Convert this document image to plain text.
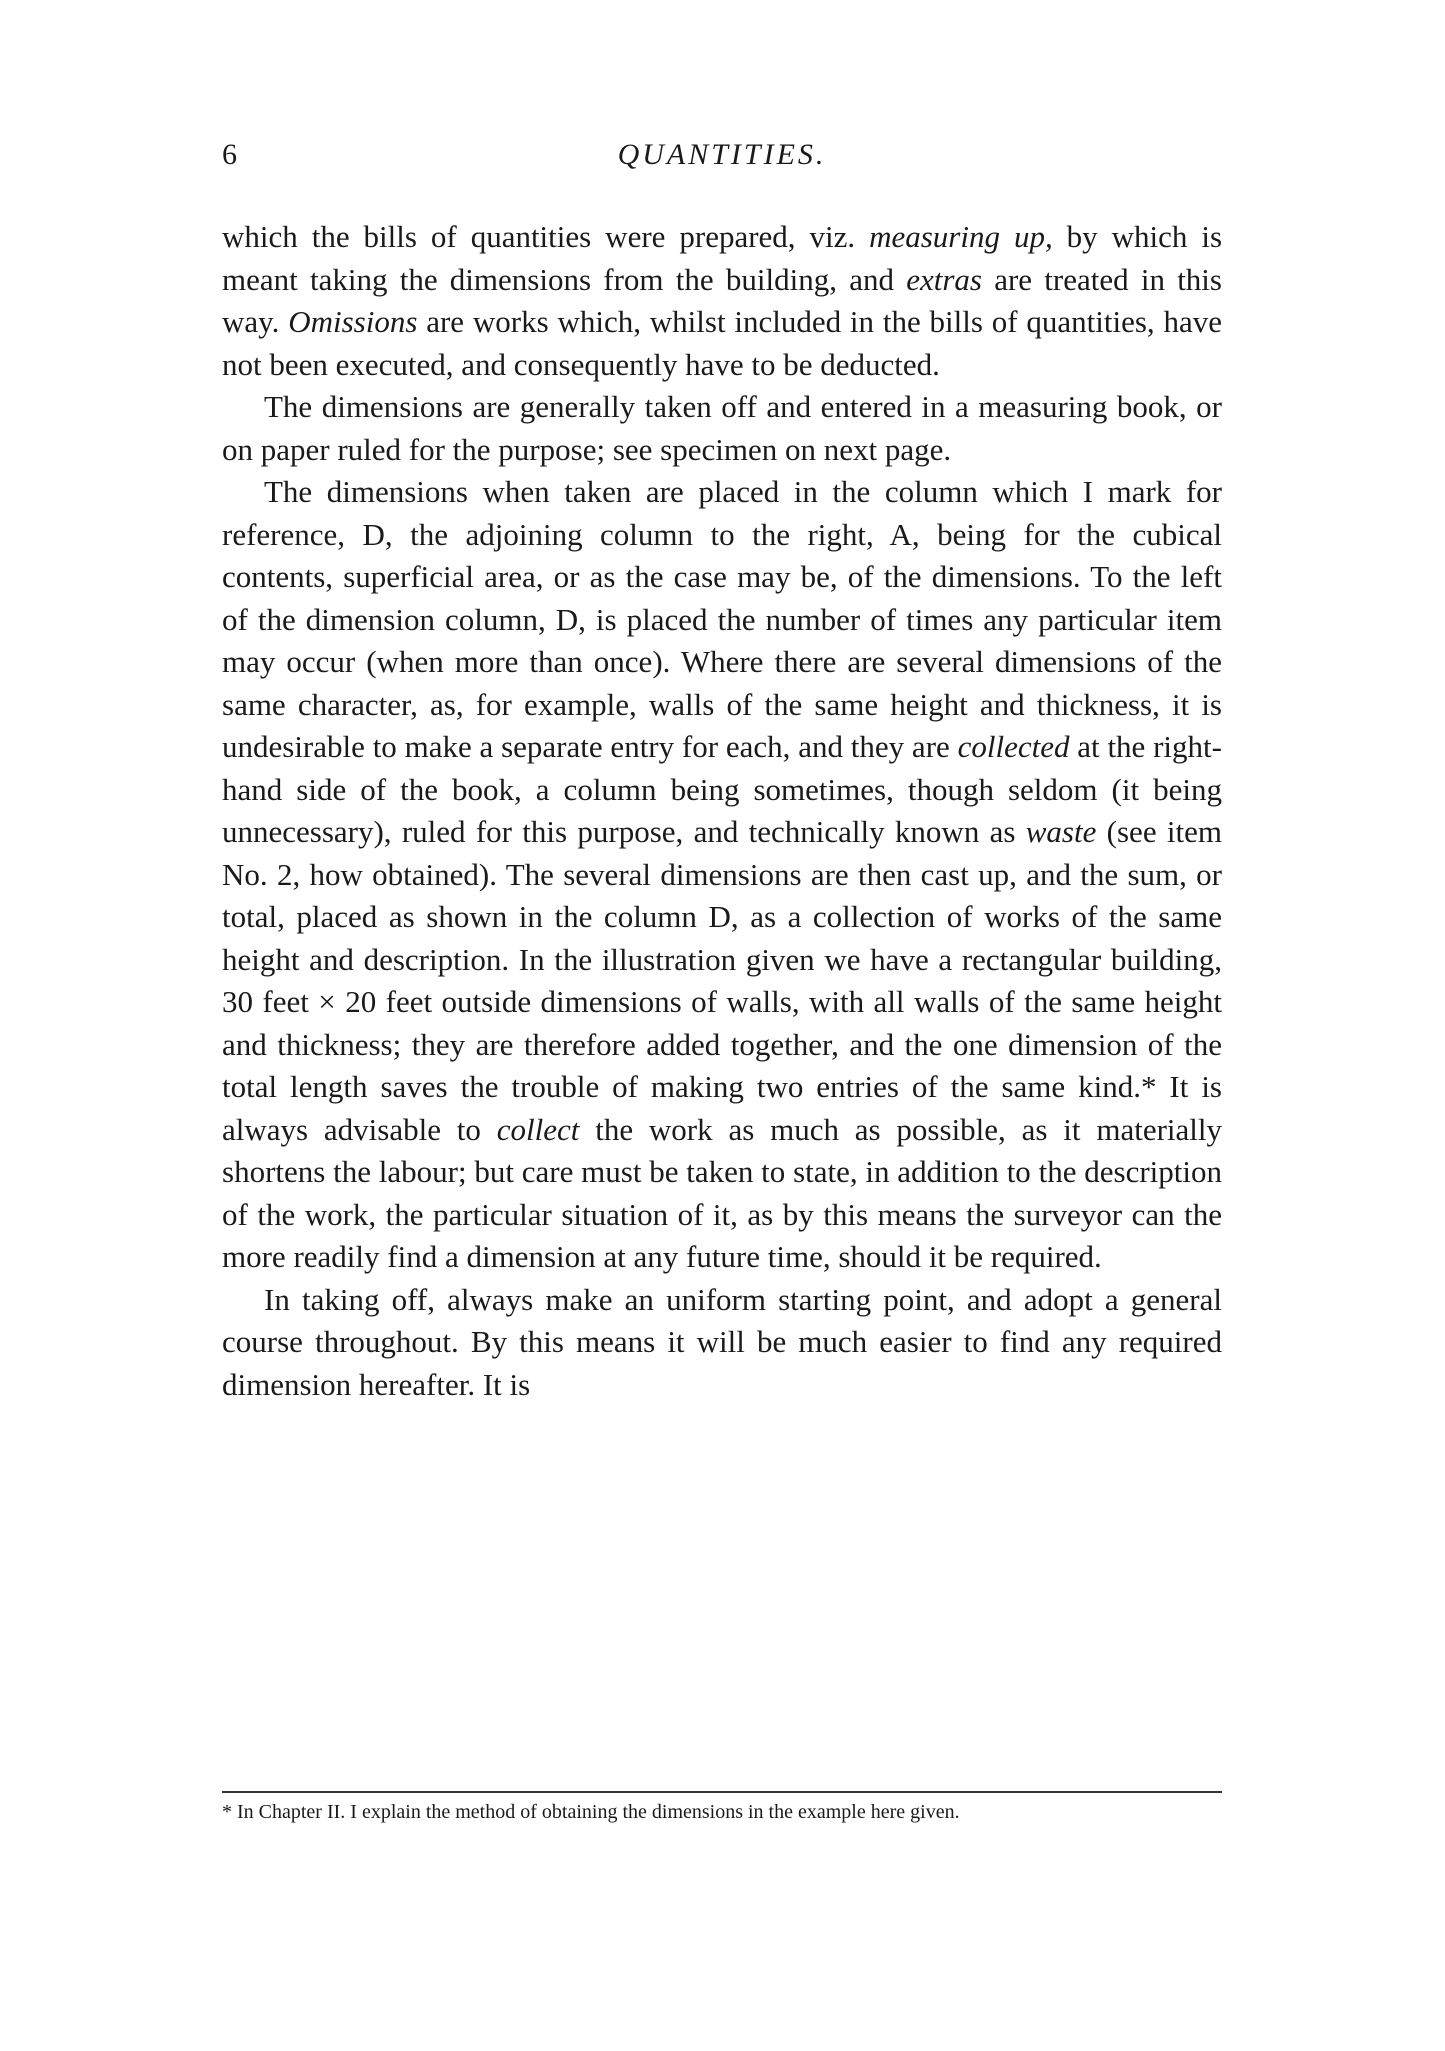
6	QUANTITIES.

which the bills of quantities were prepared, viz. measuring up, by which is meant taking the dimensions from the building, and extras are treated in this way. Omissions are works which, whilst included in the bills of quantities, have not been executed, and consequently have to be deducted.

The dimensions are generally taken off and entered in a measuring book, or on paper ruled for the purpose; see specimen on next page.

The dimensions when taken are placed in the column which I mark for reference, D, the adjoining column to the right, A, being for the cubical contents, superficial area, or as the case may be, of the dimensions. To the left of the dimension column, D, is placed the number of times any particular item may occur (when more than once). Where there are several dimensions of the same character, as, for example, walls of the same height and thickness, it is undesirable to make a separate entry for each, and they are collected at the right-hand side of the book, a column being sometimes, though seldom (it being unnecessary), ruled for this purpose, and technically known as waste (see item No. 2, how obtained). The several dimensions are then cast up, and the sum, or total, placed as shown in the column D, as a collection of works of the same height and description. In the illustration given we have a rectangular building, 30 feet × 20 feet outside dimensions of walls, with all walls of the same height and thickness; they are therefore added together, and the one dimension of the total length saves the trouble of making two entries of the same kind.* It is always advisable to collect the work as much as possible, as it materially shortens the labour; but care must be taken to state, in addition to the description of the work, the particular situation of it, as by this means the surveyor can the more readily find a dimension at any future time, should it be required.

In taking off, always make an uniform starting point, and adopt a general course throughout. By this means it will be much easier to find any required dimension hereafter. It is

* In Chapter II. I explain the method of obtaining the dimensions in the example here given.
